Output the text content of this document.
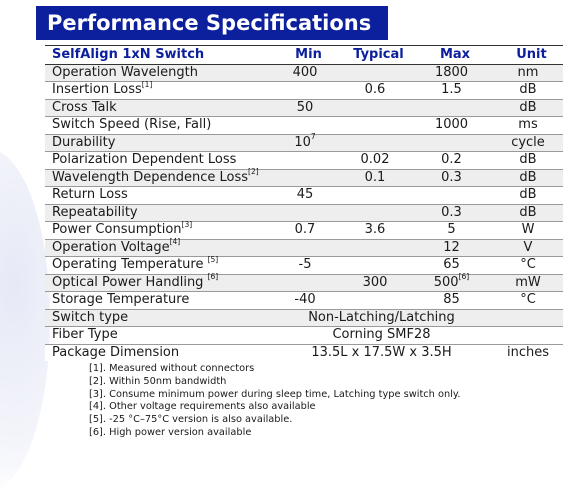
Performance Specifications
SelfAlign 1xN Switch	Min	Typical	Max	Unit
Operation Wavelength	400		1800	nm
Insertion Loss[1]		0.6	1.5	dB
Cross Talk	50			dB
Switch Speed (Rise, Fall)			1000	ms
Durability	$10^7$			cycle
Polarization Dependent Loss		0.02	0.2	dB
Wavelength Dependence Loss[2]		0.1	0.3	dB
Return Loss	45			dB
Repeatability			0.3	dB
Power Consumption[3]	0.7	3.6	5	W
Operation Voltage[4]			12	V
Operating Temperature [5]	-5		65	°C
Optical Power Handling [6]		300	500[6]	mW
Storage Temperature	-40		85	°C
Switch type	Non-Latching/Latching			
Fiber Type	Corning SMF28			
Package Dimension	13.5L x 17.5W x 3.5H			inches
[1]. Measured without connectors
[2]. Within 50nm bandwidth
[3]. Consume minimum power during sleep time, Latching type switch only.
[4]. Other voltage requirements also available
[5]. -25 °C–75°C version is also available.
[6]. High power version available
